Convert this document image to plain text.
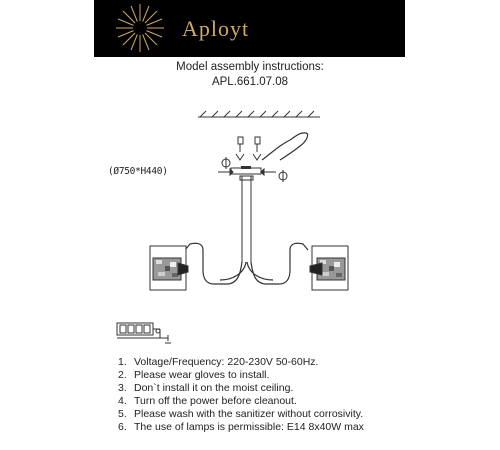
Aployt
Model assembly instructions:
APL.661.07.08
(Ø750*H440)
1. Voltage/Frequency: 220-230V 50-60Hz.
2. Please wear gloves to install.
3. Don`t install it on the moist ceiling.
4. Turn off the power before cleanout.
5. Please wash with the sanitizer without corrosivity.
6. The use of lamps is permissible: E14 8x40W max
